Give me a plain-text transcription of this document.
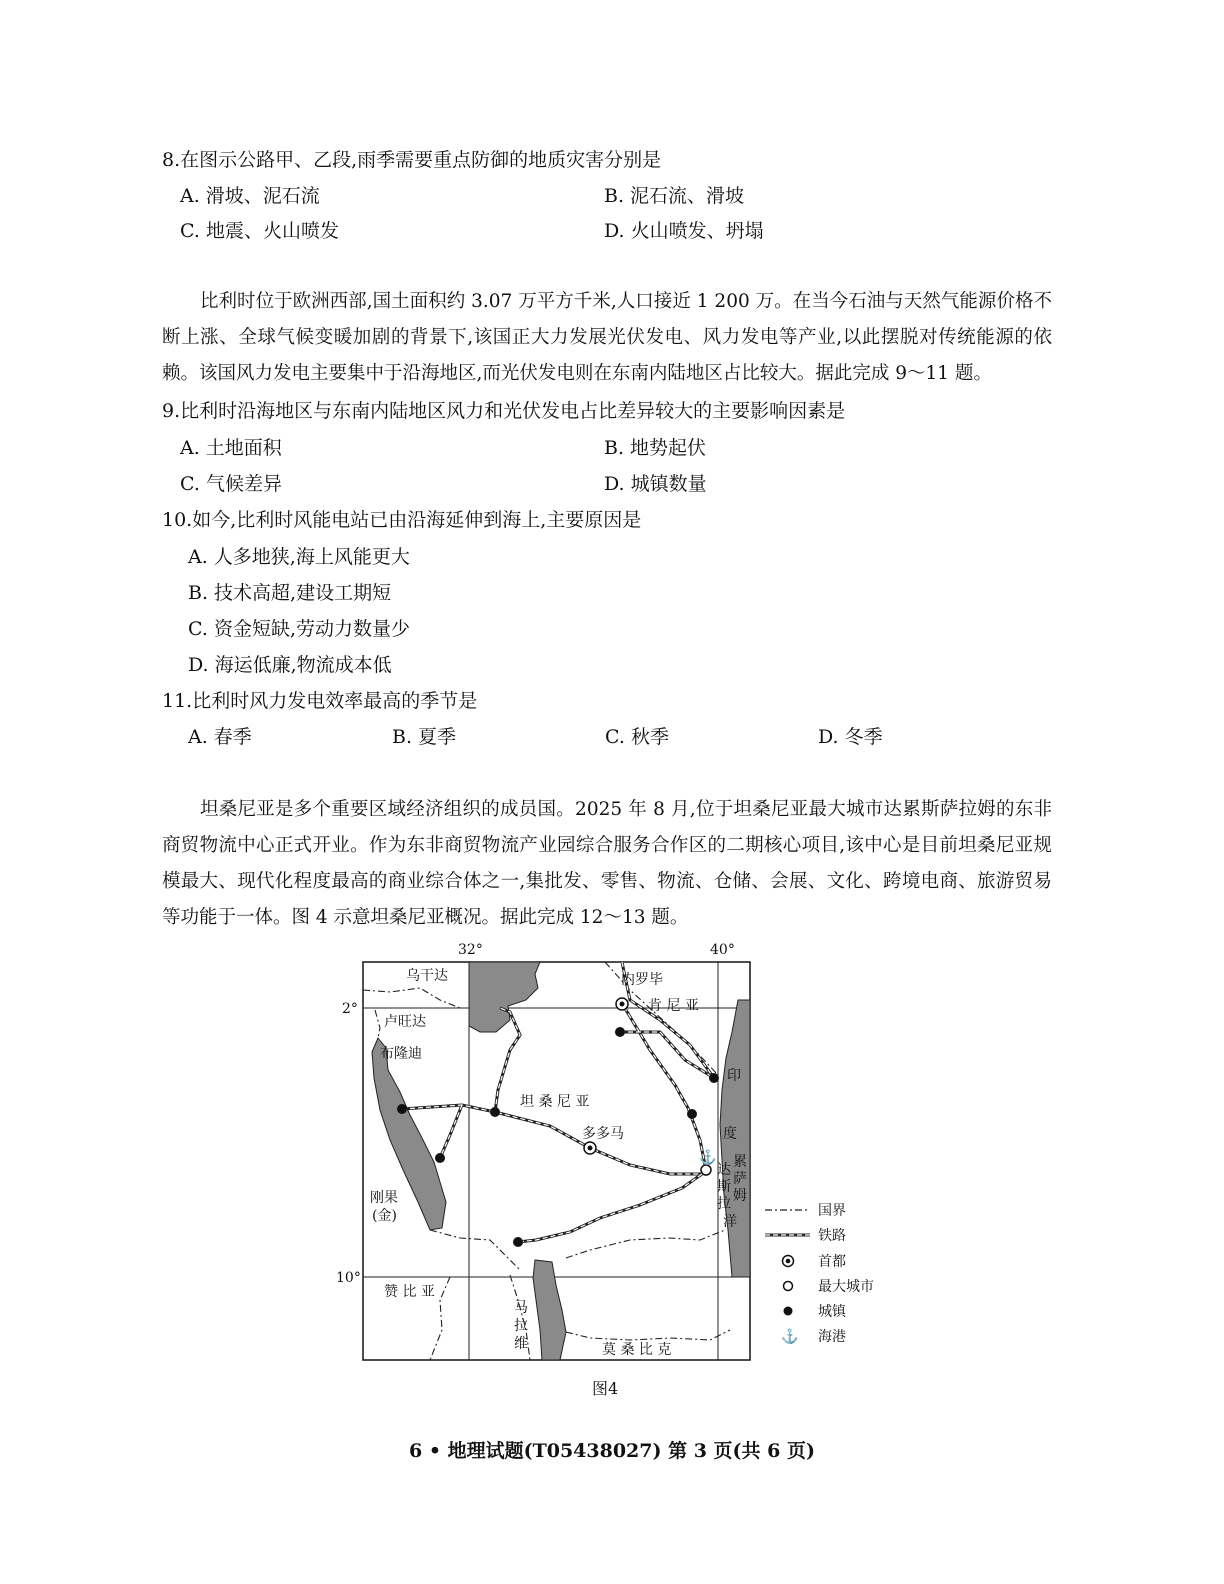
8.在图示公路甲、乙段,雨季需要重点防御的地质灾害分别是
A. 滑坡、泥石流	B. 泥石流、滑坡
C. 地震、火山喷发	D. 火山喷发、坍塌

比利时位于欧洲西部,国土面积约 3.07 万平方千米,人口接近 1 200 万。在当今石油与天然气能源价格不断上涨、全球气候变暖加剧的背景下,该国正大力发展光伏发电、风力发电等产业,以此摆脱对传统能源的依赖。该国风力发电主要集中于沿海地区,而光伏发电则在东南内陆地区占比较大。据此完成 9～11 题。

9.比利时沿海地区与东南内陆地区风力和光伏发电占比差异较大的主要影响因素是
A. 土地面积	B. 地势起伏
C. 气候差异	D. 城镇数量
10.如今,比利时风能电站已由沿海延伸到海上,主要原因是
A. 人多地狭,海上风能更大
B. 技术高超,建设工期短
C. 资金短缺,劳动力数量少
D. 海运低廉,物流成本低
11.比利时风力发电效率最高的季节是
A. 春季	B. 夏季	C. 秋季	D. 冬季

坦桑尼亚是多个重要区域经济组织的成员国。2025 年 8 月,位于坦桑尼亚最大城市达累斯萨拉姆的东非商贸物流中心正式开业。作为东非商贸物流产业园综合服务合作区的二期核心项目,该中心是目前坦桑尼亚规模最大、现代化程度最高的商业综合体之一,集批发、零售、物流、仓储、会展、文化、跨境电商、旅游贸易等功能于一体。图 4 示意坦桑尼亚概况。据此完成 12～13 题。

⚓
32°	40°
2°
10°
乌干达
卢旺达
布隆迪
内罗毕
肯 尼 亚
坦 桑 尼 亚
多多马
刚果
(金)
赞 比 亚
马
拉
维	莫 桑 比 克
印
度
洋
达
斯
拉
累
萨
姆
国界
铁路
首都
最大城市
城镇
⚓ 海港
图4
6 • 地理试题(T05438027) 第 3 页(共 6 页)
